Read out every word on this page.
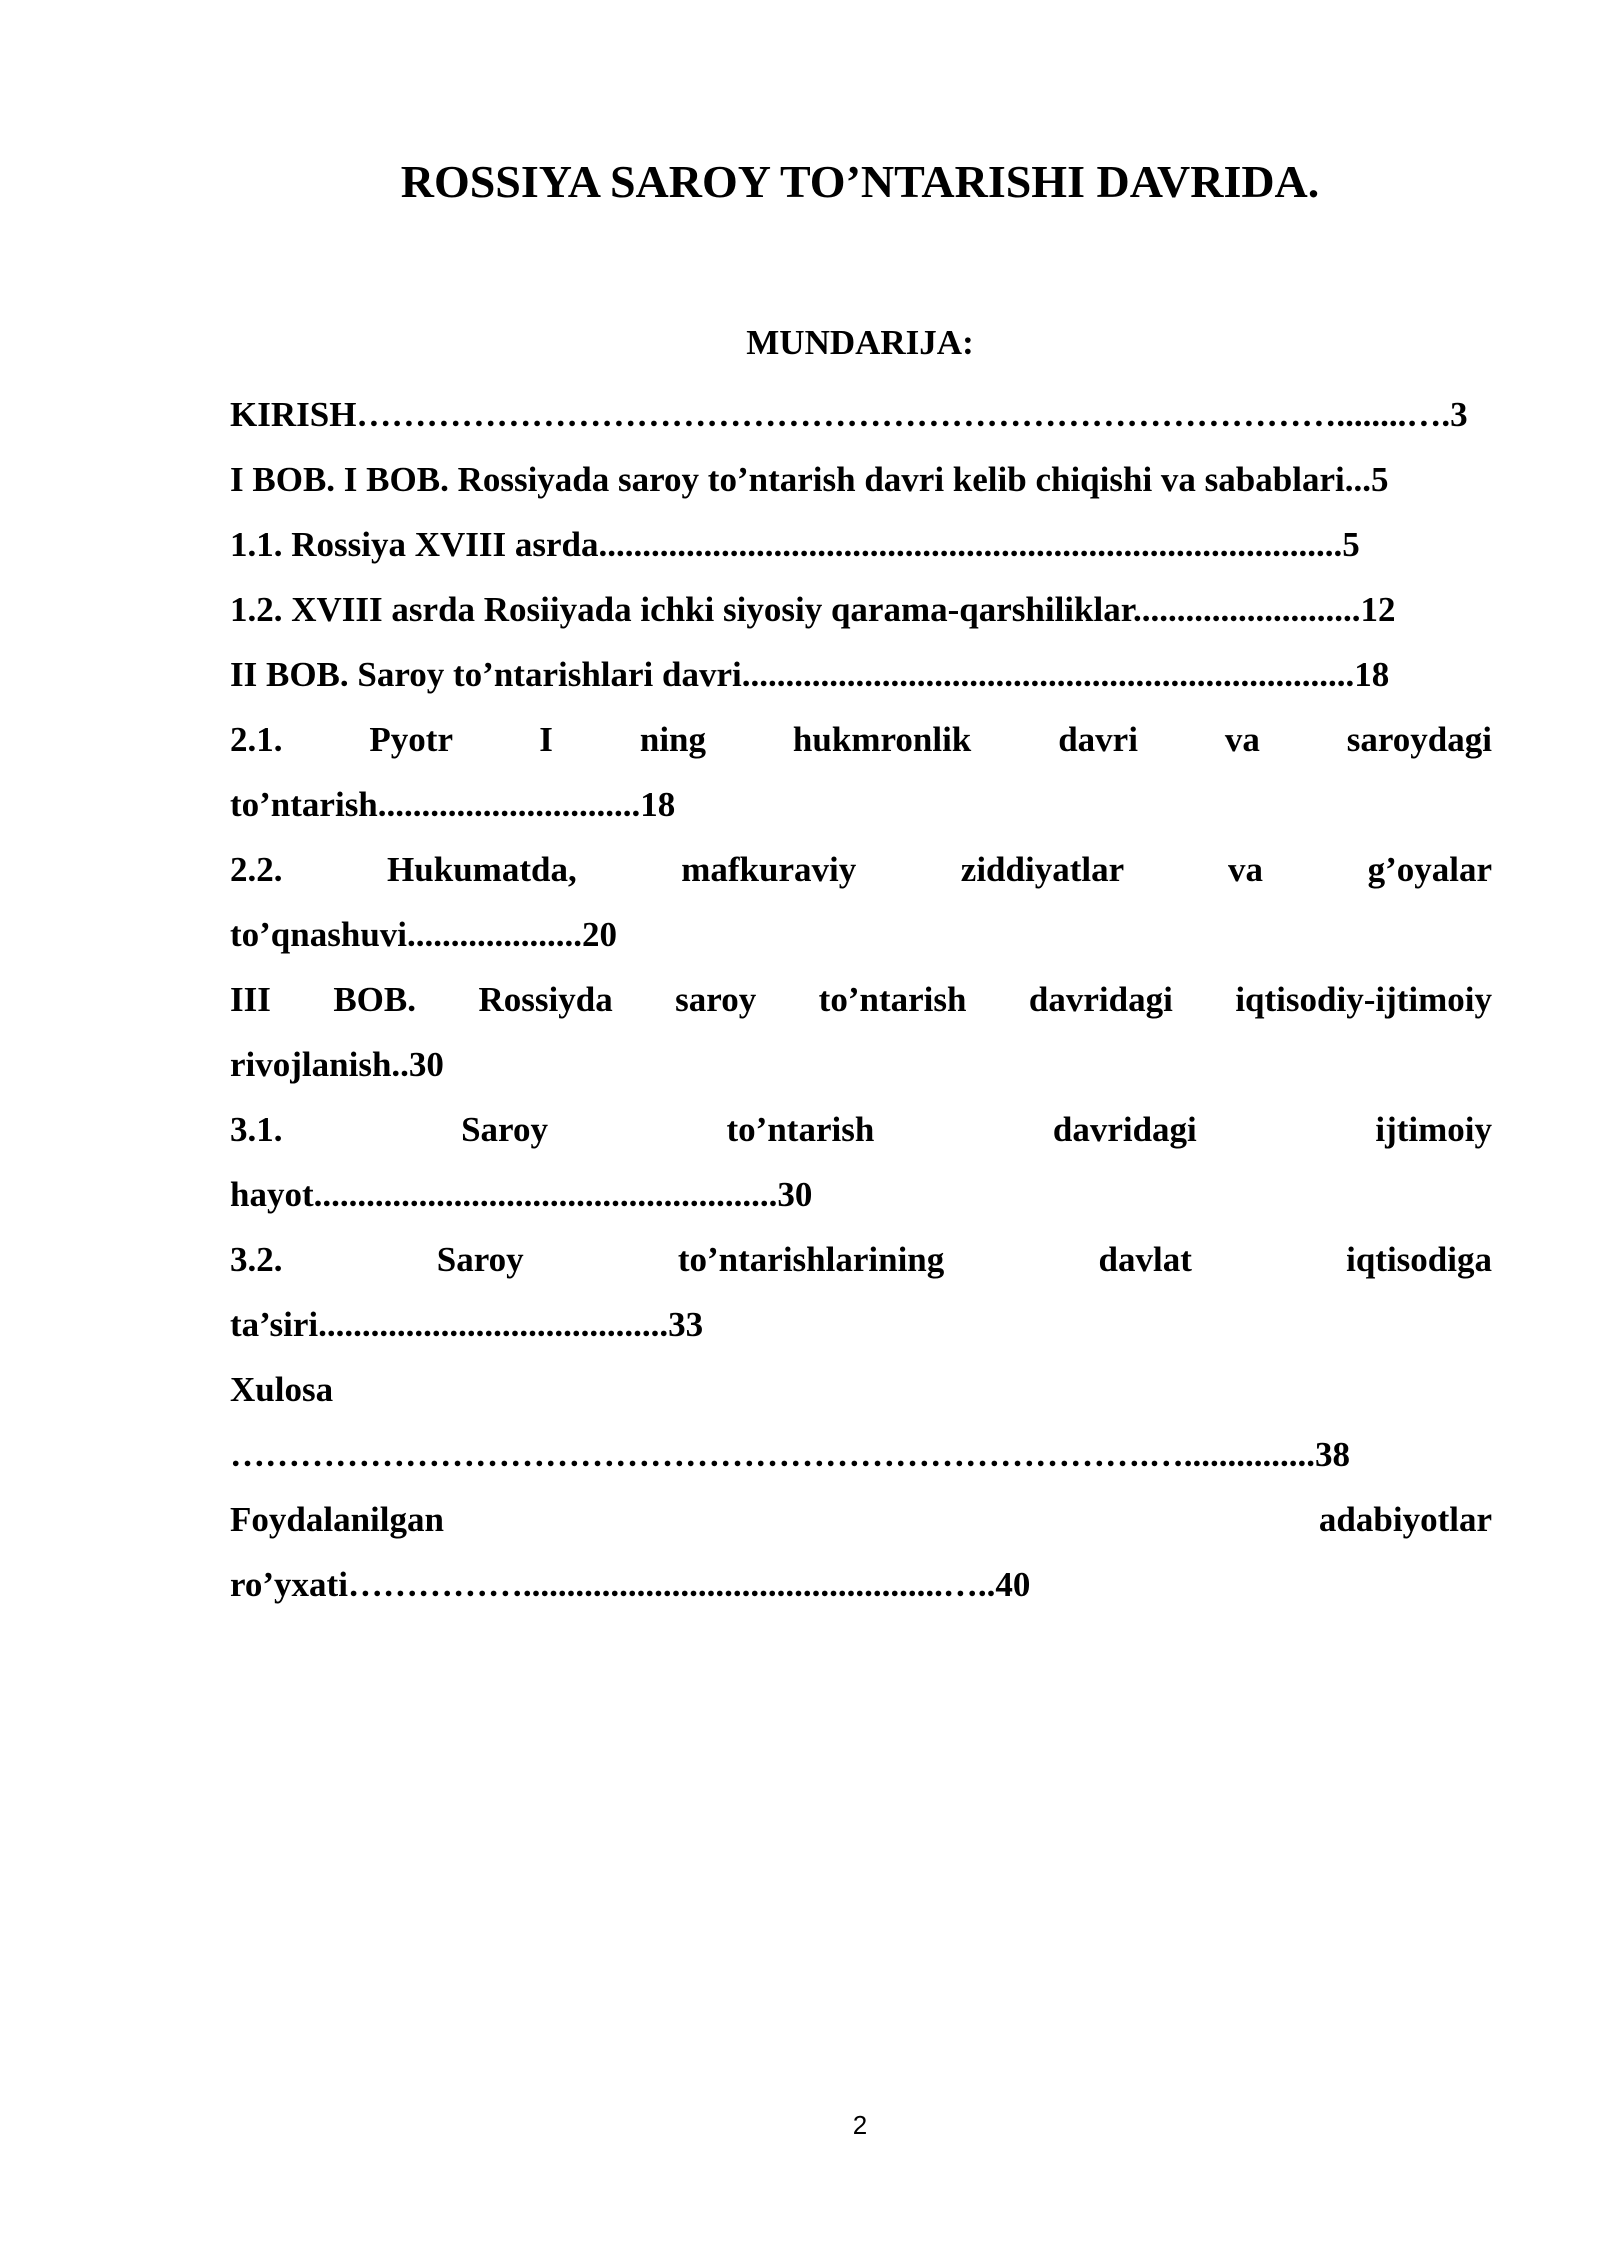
ROSSIYA SAROY TO’NTARISHI DAVRIDA.
MUNDARIJA:
KIRISH…………………………………………………………………………........….3
I BOB. I BOB. Rossiyada saroy to’ntarish davri kelib chiqishi va sabablari...5
1.1. Rossiya XVIII asrda.....................................................................................5
1.2. XVIII asrda Rosiiyada ichki siyosiy qarama-qarshiliklar..........................12
II BOB. Saroy to’ntarishlari davri......................................................................18
2.1. Pyotr I ning hukmronlik davri va saroydagi
to’ntarish..............................18
2.2. Hukumatda, mafkuraviy ziddiyatlar va g’oyalar
to’qnashuvi....................20
III BOB. Rossiyda saroy to’ntarish davridagi iqtisodiy-ijtimoiy
rivojlanish..30
3.1. Saroy to’ntarish davridagi ijtimoiy
hayot.....................................................30
3.2. Saroy to’ntarishlarining davlat iqtisodiga
ta’siri........................................33
Xulosa
…………………………………………………………………….…...............38
Foydalanilgan adabiyotlar
ro’yxati……………................................................…..40
2
